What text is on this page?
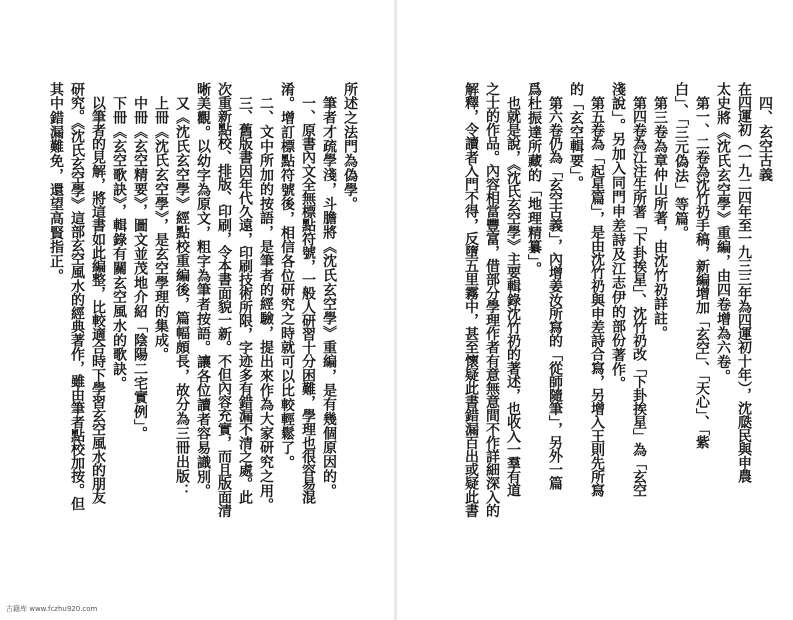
四、玄空古義
在四運初（一九二四年至一九三三年為四運初十年），沈瓞民與申農
太史將《沈氏玄空學》重編，由四卷增為六卷。
第一、二卷為沈竹礽手稿，新編增加「玄空」、「天心」、「紫
白」、「三元偽法」等篇。
第三卷為章仲山所著，由沈竹礽詳註。
第四卷為江注生所著「下卦挨星」、沈竹礽改「下卦挨星」為「玄空
淺說」。另加入同門申差詩及江志伊的部份著作。
第五卷為「起星篇」，是由沈竹礽與申差詩合寫，另增入王則先所寫
的「玄空輯要」。
第六卷仍為「玄空古義」，內增姜汝所寫的「從師隨筆」，另外一篇
爲杜振達所藏的「地理精纂」。
也就是說，《沈氏玄空學》主要輯錄沈竹礽的著述，也收入一羣有道
之士的作品。內容相當豐富，借部分學理作者有意無意間不作詳細深入的
解釋，令讀者入門不得，反墮五里霧中，甚至懷疑此書錯漏百出或疑此書
所述之法門為偽學。
筆者才疏學淺，斗膽將《沈氏玄空學》重編，是有幾個原因的。
一、原書內文全無標點符號，一般人研習十分困難，學理也很容易混
淆。增訂標點符號後，相信各位研究之時就可以比較輕鬆了。
二、文中所加的按語，是筆者的經驗，提出來作為大家研究之用。
三、舊版書因年代久遠，印刷技術所限，字迹多有錯漏不清之處。此
次重新點校、排版、印刷，令本書面貌一新。不但內容充實，而且版面清
晰美觀。以幼字為原文，粗字為筆者按語。讓各位讀者容易識別。
又《沈氏玄空學》經點校重編後，篇幅頗長，故分為三冊出版：
上冊《沈氏玄空學》，是玄空學理的集成。
中冊《玄空精要》，圖文並茂地介紹「陰陽二宅實例」。
下冊《玄空歌訣》，輯錄有關玄空風水的歌訣。
以筆者的見解，將這書如此編整，比較適合時下學習玄空風水的朋友
研究。《沈氏玄空學》這部玄空風水的經典著作，雖由筆者點校加按。但
其中錯漏難免，還望高賢指正。
古籍库 www.fczhu920.com
